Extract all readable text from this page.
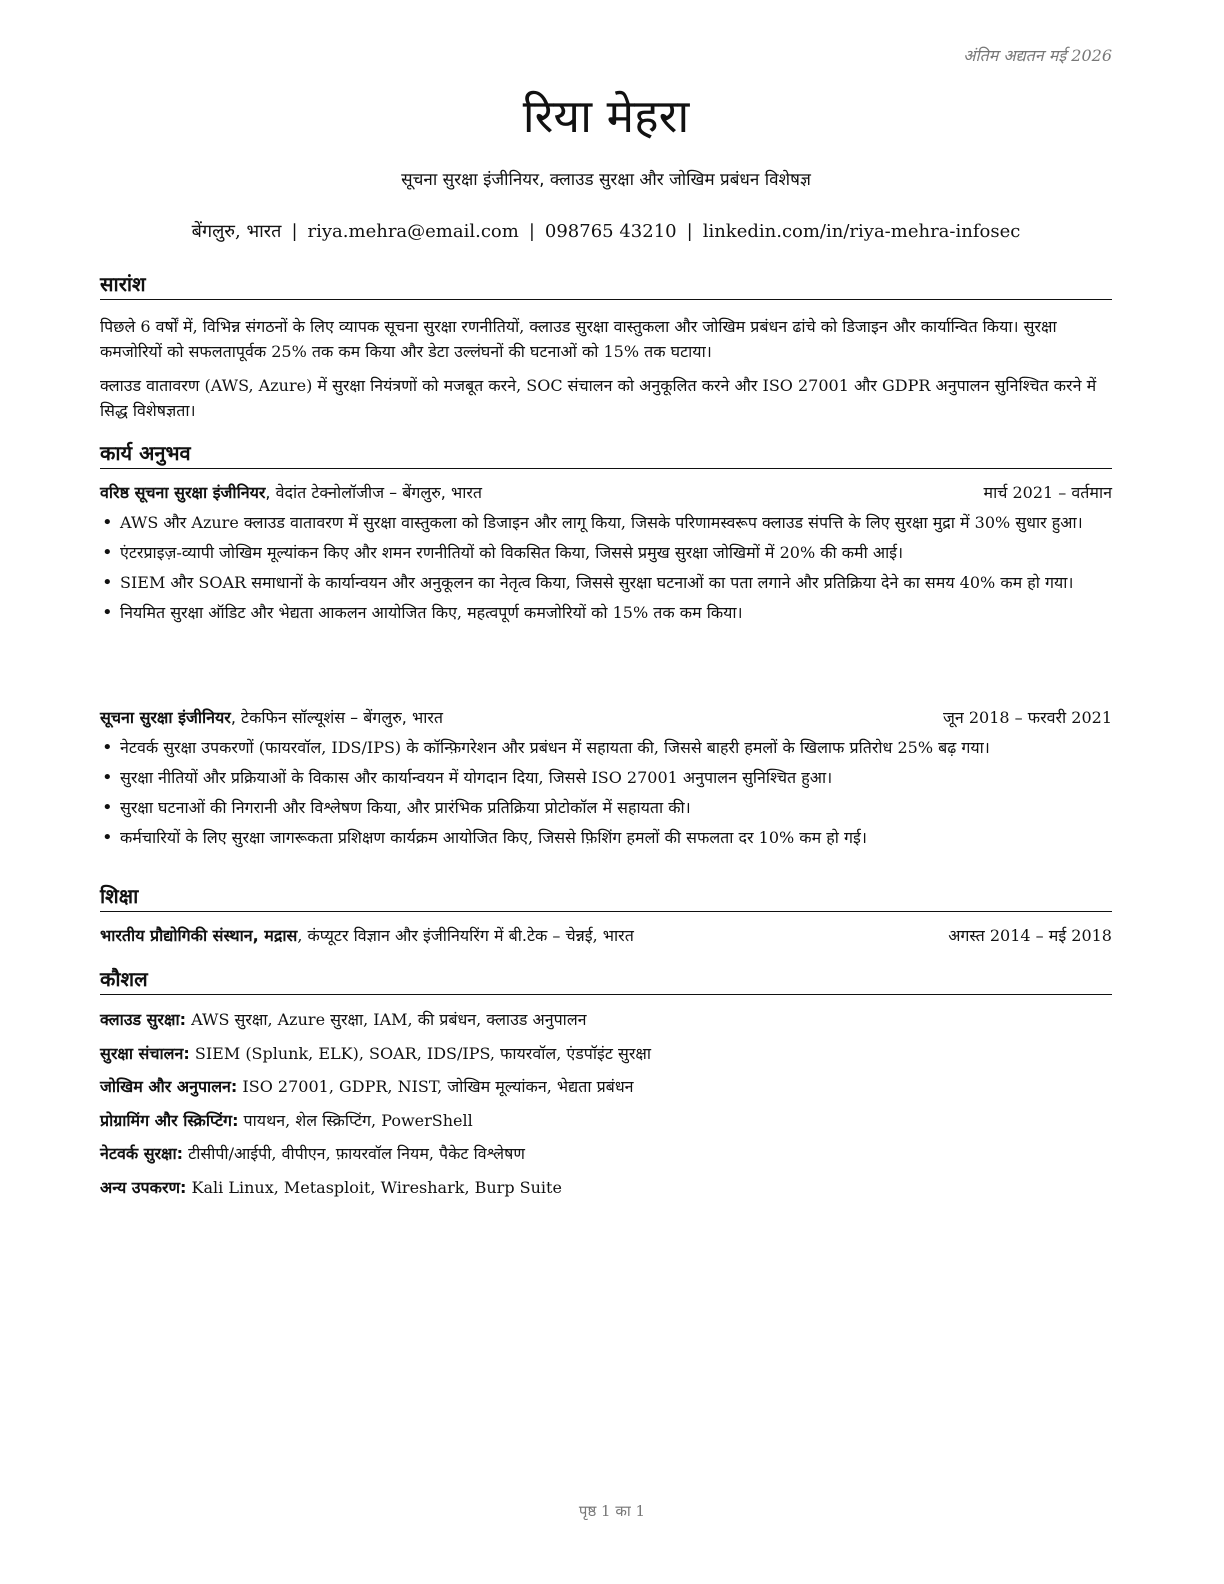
अंतिम अद्यतन मई 2026
रिया मेहरा
सूचना सुरक्षा इंजीनियर, क्लाउड सुरक्षा और जोखिम प्रबंधन विशेषज्ञ
बेंगलुरु, भारत | riya.mehra@email.com | 098765 43210 | linkedin.com/in/riya-mehra-infosec
सारांश
पिछले 6 वर्षों में, विभिन्न संगठनों के लिए व्यापक सूचना सुरक्षा रणनीतियों, क्लाउड सुरक्षा वास्तुकला और जोखिम प्रबंधन ढांचे को डिजाइन और कार्यान्वित किया। सुरक्षा कमजोरियों को सफलतापूर्वक 25% तक कम किया और डेटा उल्लंघनों की घटनाओं को 15% तक घटाया।
क्लाउड वातावरण (AWS, Azure) में सुरक्षा नियंत्रणों को मजबूत करने, SOC संचालन को अनुकूलित करने और ISO 27001 और GDPR अनुपालन सुनिश्चित करने में सिद्ध विशेषज्ञता।
कार्य अनुभव
वरिष्ठ सूचना सुरक्षा इंजीनियर, वेदांत टेक्नोलॉजीज – बेंगलुरु, भारत	मार्च 2021 – वर्तमान
• AWS और Azure क्लाउड वातावरण में सुरक्षा वास्तुकला को डिजाइन और लागू किया, जिसके परिणामस्वरूप क्लाउड संपत्ति के लिए सुरक्षा मुद्रा में 30% सुधार हुआ।
• एंटरप्राइज़-व्यापी जोखिम मूल्यांकन किए और शमन रणनीतियों को विकसित किया, जिससे प्रमुख सुरक्षा जोखिमों में 20% की कमी आई।
• SIEM और SOAR समाधानों के कार्यान्वयन और अनुकूलन का नेतृत्व किया, जिससे सुरक्षा घटनाओं का पता लगाने और प्रतिक्रिया देने का समय 40% कम हो गया।
• नियमित सुरक्षा ऑडिट और भेद्यता आकलन आयोजित किए, महत्वपूर्ण कमजोरियों को 15% तक कम किया।
सूचना सुरक्षा इंजीनियर, टेकफिन सॉल्यूशंस – बेंगलुरु, भारत	जून 2018 – फरवरी 2021
• नेटवर्क सुरक्षा उपकरणों (फायरवॉल, IDS/IPS) के कॉन्फ़िगरेशन और प्रबंधन में सहायता की, जिससे बाहरी हमलों के खिलाफ प्रतिरोध 25% बढ़ गया।
• सुरक्षा नीतियों और प्रक्रियाओं के विकास और कार्यान्वयन में योगदान दिया, जिससे ISO 27001 अनुपालन सुनिश्चित हुआ।
• सुरक्षा घटनाओं की निगरानी और विश्लेषण किया, और प्रारंभिक प्रतिक्रिया प्रोटोकॉल में सहायता की।
• कर्मचारियों के लिए सुरक्षा जागरूकता प्रशिक्षण कार्यक्रम आयोजित किए, जिससे फ़िशिंग हमलों की सफलता दर 10% कम हो गई।
शिक्षा
भारतीय प्रौद्योगिकी संस्थान, मद्रास, कंप्यूटर विज्ञान और इंजीनियरिंग में बी.टेक – चेन्नई, भारत	अगस्त 2014 – मई 2018
कौशल
क्लाउड सुरक्षा: AWS सुरक्षा, Azure सुरक्षा, IAM, की प्रबंधन, क्लाउड अनुपालन
सुरक्षा संचालन: SIEM (Splunk, ELK), SOAR, IDS/IPS, फायरवॉल, एंडपॉइंट सुरक्षा
जोखिम और अनुपालन: ISO 27001, GDPR, NIST, जोखिम मूल्यांकन, भेद्यता प्रबंधन
प्रोग्रामिंग और स्क्रिप्टिंग: पायथन, शेल स्क्रिप्टिंग, PowerShell
नेटवर्क सुरक्षा: टीसीपी/आईपी, वीपीएन, फ़ायरवॉल नियम, पैकेट विश्लेषण
अन्य उपकरण: Kali Linux, Metasploit, Wireshark, Burp Suite
पृष्ठ 1 का 1
